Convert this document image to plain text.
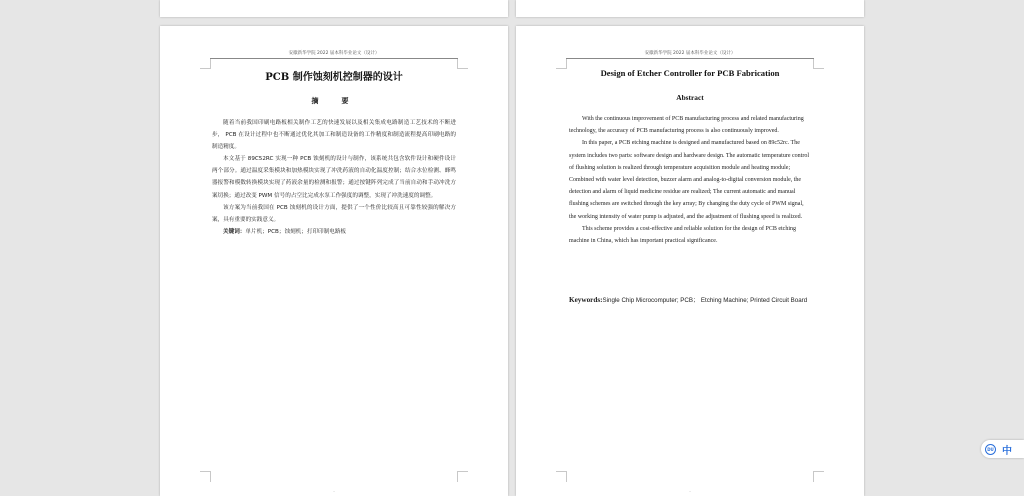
安徽新华学院 2022 届本科毕业论文（设计）
PCB 制作蚀刻机控制器的设计
摘　要

随着当前我国印刷电路板相关制作工艺的快速发展以及相关集成电路制造工艺技术的不断进步， PCB 在设计过程中也不断通过优化其加工和制造设备的工作精度和制造流程提高印刷电路的制造精度。

本文基于 89C52RC 实现一种 PCB 蚀刻机的设计与制作，该系统共包含软件设计和硬件设计两个部分。通过温度采集模块和加热模块实现了冲洗药液的自动化温度控制；结合水位检测、蜂鸣器报警和模数转换模块实现了药液余量的检测和报警；通过按键阵列完成了当前自动和手动冲洗方案切换；通过改变 PWM 信号的占空比完成水泵工作强度的调整，实现了冲洗速度的调整。

该方案为当前我国在 PCB 蚀刻机的设计方面，提供了一个性价比较高且可靠性较强的解决方案，具有重要的实践意义。

关键词：单片机；PCB；蚀刻机；打印印制电路板

·
安徽新华学院 2022 届本科毕业论文（设计）
Design of Etcher Controller for PCB Fabrication
Abstract

With the continuous improvement of PCB manufacturing process and related manufacturing technology, the accuracy of PCB manufacturing process is also continuously improved.

In this paper, a PCB etching machine is designed and manufactured based on 89c52rc. The system includes two parts: software design and hardware design. The automatic temperature control of flushing solution is realized through temperature acquisition module and heating module; Combined with water level detection, buzzer alarm and analog-to-digital conversion module, the detection and alarm of liquid medicine residue are realized; The current automatic and manual flushing schemes are switched through the key array; By changing the duty cycle of PWM signal, the working intensity of water pump is adjusted, and the adjustment of flushing speed is realized.

This scheme provides a cost-effective and reliable solution for the design of PCB etching machine in China, which has important practical significance.

Keywords:Single Chip Microcomputer; PCB； Etching Machine; Printed Circuit Board
·
DU 中
